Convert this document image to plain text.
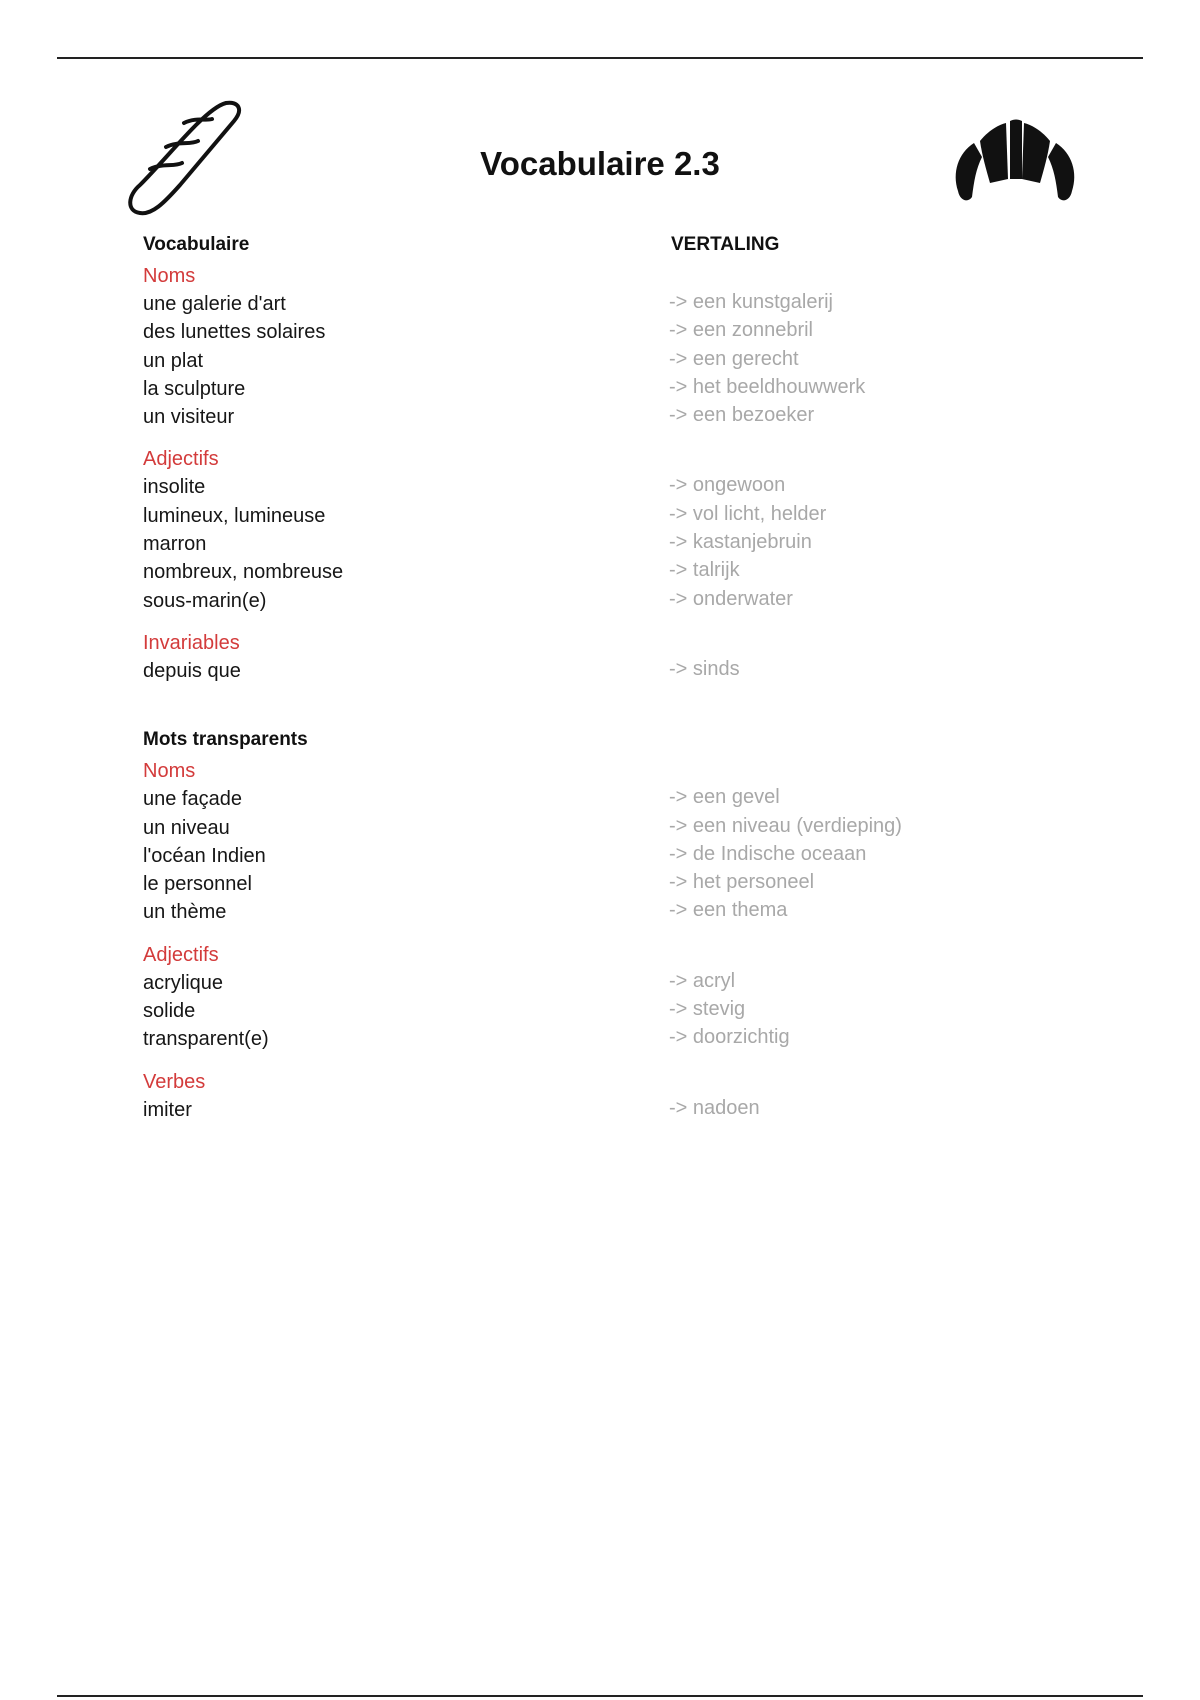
Vocabulaire 2.3
Vocabulaire	VERTALING
Noms
une galerie d'art	-> een kunstgalerij
des lunettes solaires	-> een zonnebril
un plat	-> een gerecht
la sculpture	-> het beeldhouwwerk
un visiteur	-> een bezoeker
Adjectifs
insolite	-> ongewoon
lumineux, lumineuse	-> vol licht, helder
marron	-> kastanjebruin
nombreux, nombreuse	-> talrijk
sous-marin(e)	-> onderwater
Invariables
depuis que	-> sinds
Mots transparents
Noms
une façade	-> een gevel
un niveau	-> een niveau (verdieping)
l'océan Indien	-> de Indische oceaan
le personnel	-> het personeel
un thème	-> een thema
Adjectifs
acrylique	-> acryl
solide	-> stevig
transparent(e)	-> doorzichtig
Verbes
imiter	-> nadoen
